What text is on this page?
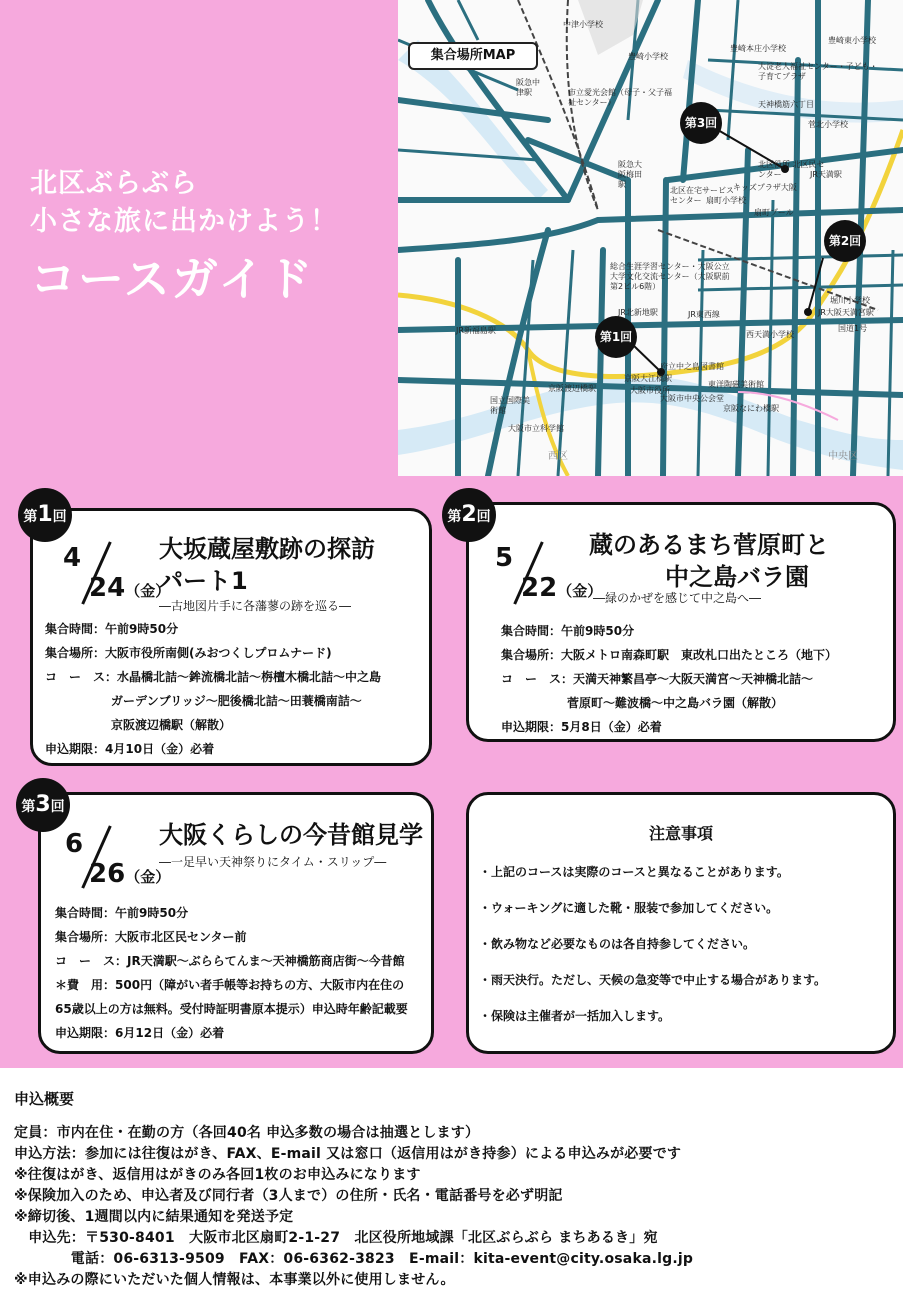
北区ぶらぶら
小さな旅に出かけよう！
コースガイド
集合場所MAP
第3回
第2回
第1回
中津小学校
豊崎小学校
豊崎東小学校
豊崎本庄小学校
大淀老人福祉センター・子ども・子育てプラザ
菅北小学校
阪急中津駅	市立愛光会館（母子・父子福祉センター）
北区役所 北区民センター
キッズプラザ大阪
扇町小学校
扇町プール
阪急大阪梅田駅
北区在宅サービスセンター
総合生涯学習センター・大阪公立大学文化交流センター（大阪駅前第2ビル6階）
JR北新地駅	JR東西線
堀川小学校
JR大阪天満宮駅
西天満小学校
国道1号
JR新福島駅
府立中之島図書館
京阪大江橋駅
大阪市役所
大阪市中央公会堂
東洋陶磁美術館
京阪なにわ橋駅
京阪渡辺橋駅
国立国際美術館
大阪市立科学館
JR天満駅
天神橋筋六丁目
西区	中央区
4
24（金）
大坂蔵屋敷跡の探訪
パート1
―古地図片手に各藩蓼の跡を巡る―
集合時間：午前9時50分
集合場所：大阪市役所南側(みおつくしプロムナード)
コ　ー　ス：水晶橋北詰～鉾流橋北詰～栴檀木橋北詰～中之島
ガーデンブリッジ～肥後橋北詰～田蓑橋南詰～
京阪渡辺橋駅（解散）
申込期限：4月10日（金）必着
第1回
5
22（金）
蔵のあるまち菅原町と
中之島バラ園
―緑のかぜを感じて中之島へ―
集合時間：午前9時50分
集合場所：大阪メトロ南森町駅　東改札口出たところ（地下）
コ　ー　ス：天満天神繁昌亭～大阪天満宮～天神橋北詰～
菅原町～難波橋～中之島バラ園（解散）
申込期限：5月8日（金）必着
第2回
6
26（金）
大阪くらしの今昔館見学
―一足早い天神祭りにタイム・スリップ―
集合時間：午前9時50分
集合場所：大阪市北区民センター前
コ　ー　ス：JR天満駅～ぶららてんま～天神橋筋商店街～今昔館
＊費　用：500円（障がい者手帳等お持ちの方、大阪市内在住の
65歳以上の方は無料。受付時証明書原本提示）申込時年齢記載要
申込期限：6月12日（金）必着
第3回
注意事項
・上記のコースは実際のコースと異なることがあります。
・ウォーキングに適した靴・服装で参加してください。
・飲み物など必要なものは各自持参してください。
・雨天決行。ただし、天候の急変等で中止する場合があります。
・保険は主催者が一括加入します。
申込概要
定員：市内在住・在勤の方（各回40名 申込多数の場合は抽選とします）
申込方法：参加には往復はがき、FAX、E-mail 又は窓口（返信用はがき持参）による申込みが必要です
※往復はがき、返信用はがきのみ各回1枚のお申込みになります
※保険加入のため、申込者及び同行者（3人まで）の住所・氏名・電話番号を必ず明記
※締切後、1週間以内に結果通知を発送予定
　申込先：〒530-8401　大阪市北区扇町2-1-27　北区役所地域課「北区ぶらぶら まちあるき」宛
　　　　電話：06-6313-9509　FAX：06-6362-3823　E-mail：kita-event@city.osaka.lg.jp
※申込みの際にいただいた個人情報は、本事業以外に使用しません。
